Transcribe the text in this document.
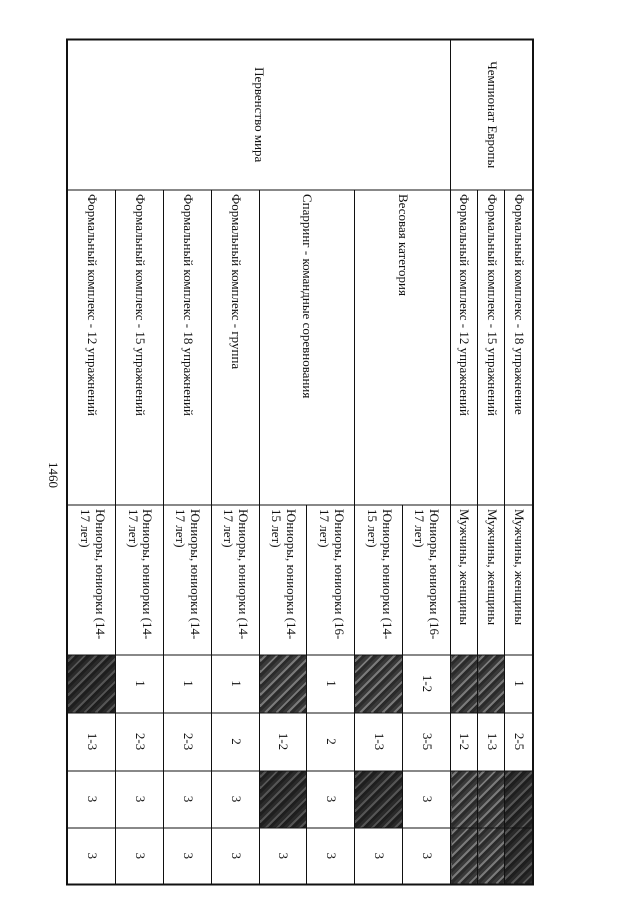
1460
Чемпионат Европы	Формальный комплекс - 18 упражнение	Мужчины, женщины	1	2-5		
	Формальный комплекс - 15 упражнений	Мужчины, женщины		1-3		
	Формальный комплекс - 12 упражнений	Мужчины, женщины		1-2		
Первенство мира	Весовая категория	Юниоры, юниорки (16-17 лет)	1-2	3-5	3	3
		Юниоры, юниорки (14-15 лет)		1-3		3
	Спарринг - командные соревнования	Юниоры, юниорки (16-17 лет)	1	2	3	3
		Юниоры, юниорки (14-15 лет)		1-2		3
	Формальный комплекс - группа	Юниоры, юниорки (14-17 лет)	1	2	3	3
	Формальный комплекс - 18 упражнений	Юниоры, юниорки (14-17 лет)	1	2-3	3	3
	Формальный комплекс - 15 упражнений	Юниоры, юниорки (14-17 лет)	1	2-3	3	3
	Формальный комплекс - 12 упражнений	Юниоры, юниорки (14-17 лет)		1-3	3	3
